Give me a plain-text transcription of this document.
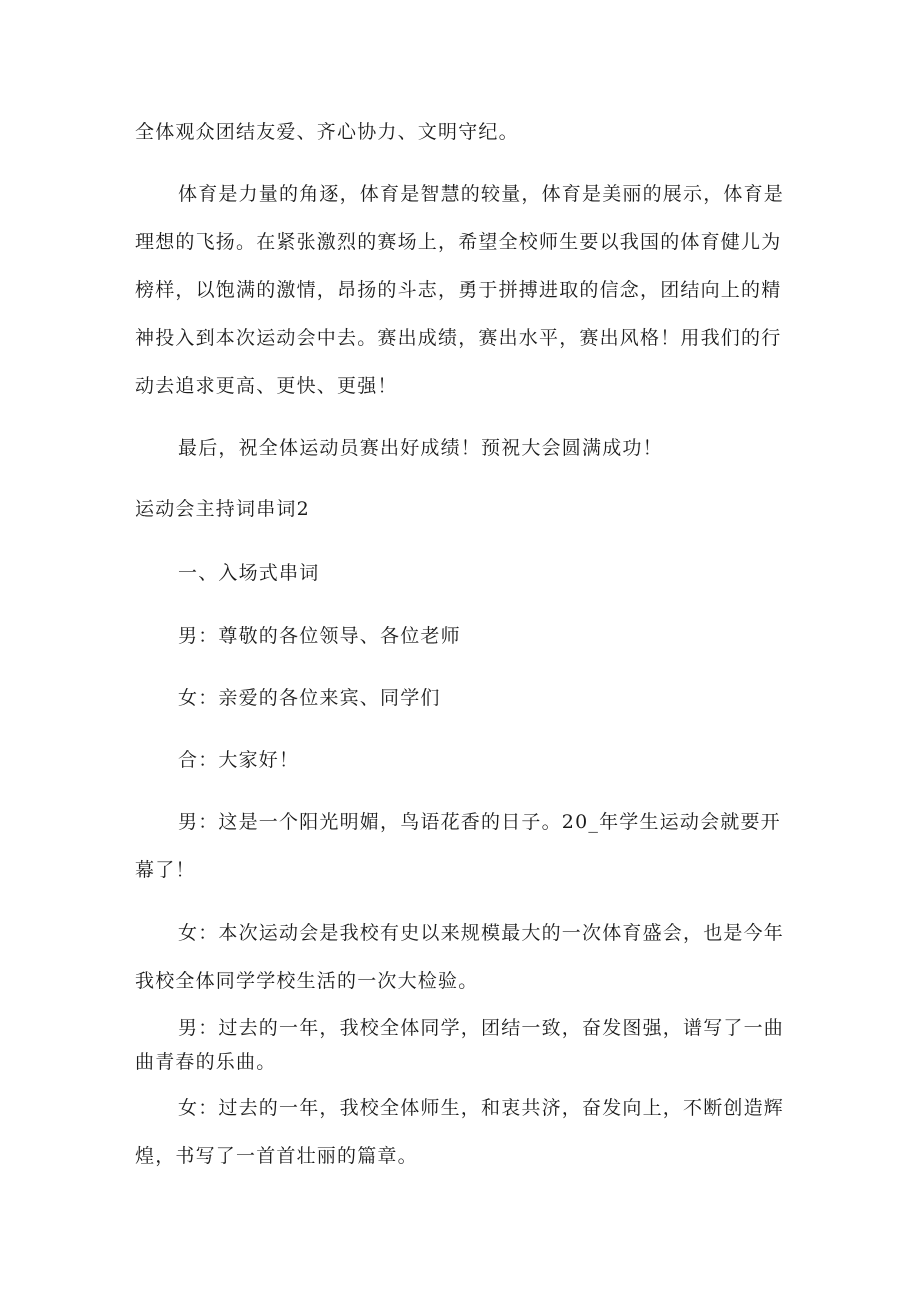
全体观众团结友爱、齐心协力、文明守纪。
体育是力量的角逐，体育是智慧的较量，体育是美丽的展示，体育是
理想的飞扬。在紧张激烈的赛场上，希望全校师生要以我国的体育健儿为
榜样，以饱满的激情，昂扬的斗志，勇于拼搏进取的信念，团结向上的精
神投入到本次运动会中去。赛出成绩，赛出水平，赛出风格！用我们的行
动去追求更高、更快、更强！
最后，祝全体运动员赛出好成绩！预祝大会圆满成功！
运动会主持词串词2
一、入场式串词
男：尊敬的各位领导、各位老师
女：亲爱的各位来宾、同学们
合：大家好！
男：这是一个阳光明媚，鸟语花香的日子。20_年学生运动会就要开
幕了！
女：本次运动会是我校有史以来规模最大的一次体育盛会，也是今年
我校全体同学学校生活的一次大检验。
男：过去的一年，我校全体同学，团结一致，奋发图强，谱写了一曲
曲青春的乐曲。
女：过去的一年，我校全体师生，和衷共济，奋发向上，不断创造辉
煌，书写了一首首壮丽的篇章。
